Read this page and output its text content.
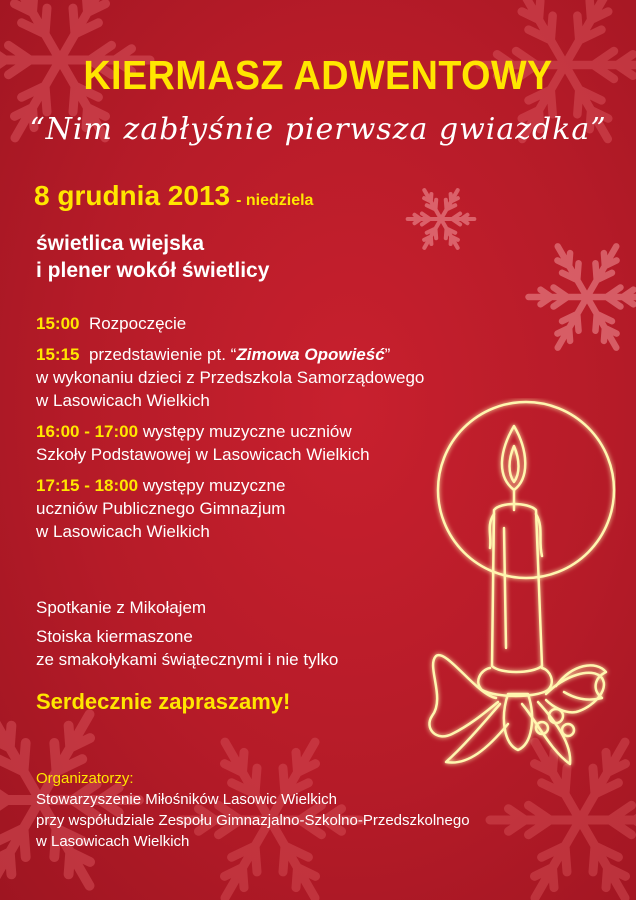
KIERMASZ ADWENTOWY
“Nim zabłyśnie pierwsza gwiazdka”
8 grudnia 2013 - niedziela
świetlica wiejska
i plener wokół świetlicy
15:00 Rozpoczęcie
15:15 przedstawienie pt. “Zimowa Opowieść”
w wykonaniu dzieci z Przedszkola Samorządowego
w Lasowicach Wielkich
16:00 - 17:00 występy muzyczne uczniów
Szkoły Podstawowej w Lasowicach Wielkich
17:15 - 18:00 występy muzyczne
uczniów Publicznego Gimnazjum
w Lasowicach Wielkich
Spotkanie z Mikołajem
Stoiska kiermaszone
ze smakołykami świątecznymi i nie tylko
Serdecznie zapraszamy!
Organizatorzy:
Stowarzyszenie Miłośników Lasowic Wielkich
przy współudziale Zespołu Gimnazjalno-Szkolno-Przedszkolnego
w Lasowicach Wielkich
